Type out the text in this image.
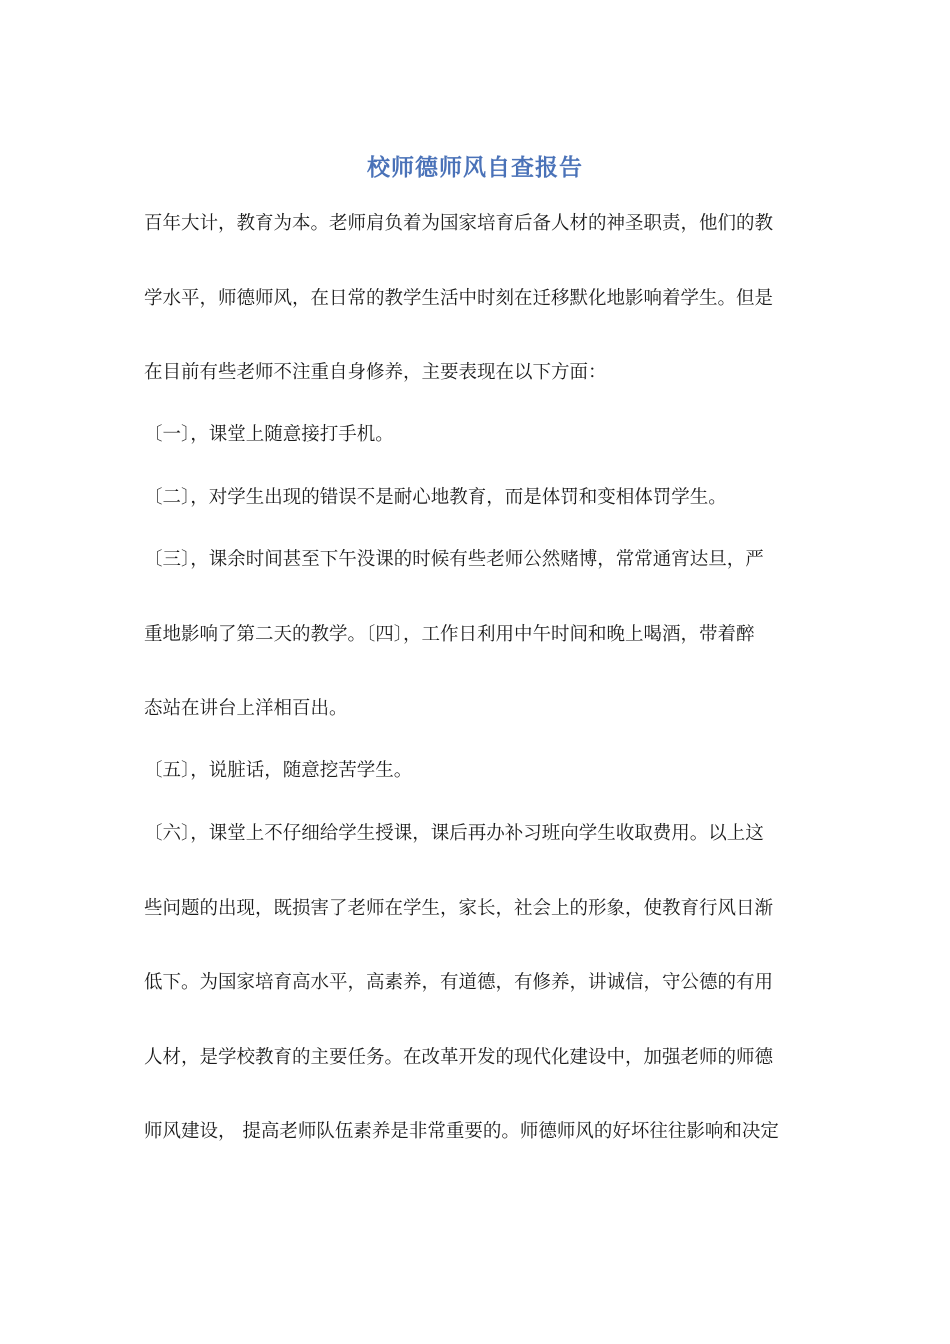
校师德师风自查报告
百年大计，教育为本。老师肩负着为国家培育后备人材的神圣职责，他们的教
学水平，师德师风，在日常的教学生活中时刻在迁移默化地影响着学生。但是
在目前有些老师不注重自身修养，主要表现在以下方面：
〔一〕，课堂上随意接打手机。
〔二〕，对学生出现的错误不是耐心地教育，而是体罚和变相体罚学生。
〔三〕，课余时间甚至下午没课的时候有些老师公然赌博，常常通宵达旦，严
重地影响了第二天的教学。〔四〕，工作日利用中午时间和晚上喝酒，带着醉
态站在讲台上洋相百出。
〔五〕，说脏话，随意挖苦学生。
〔六〕，课堂上不仔细给学生授课，课后再办补习班向学生收取费用。以上这
些问题的出现，既损害了老师在学生，家长，社会上的形象，使教育行风日渐
低下。为国家培育高水平，高素养，有道德，有修养，讲诚信，守公德的有用
人材，是学校教育的主要任务。在改革开发的现代化建设中，加强老师的师德
师风建设， 提高老师队伍素养是非常重要的。师德师风的好坏往往影响和决定
